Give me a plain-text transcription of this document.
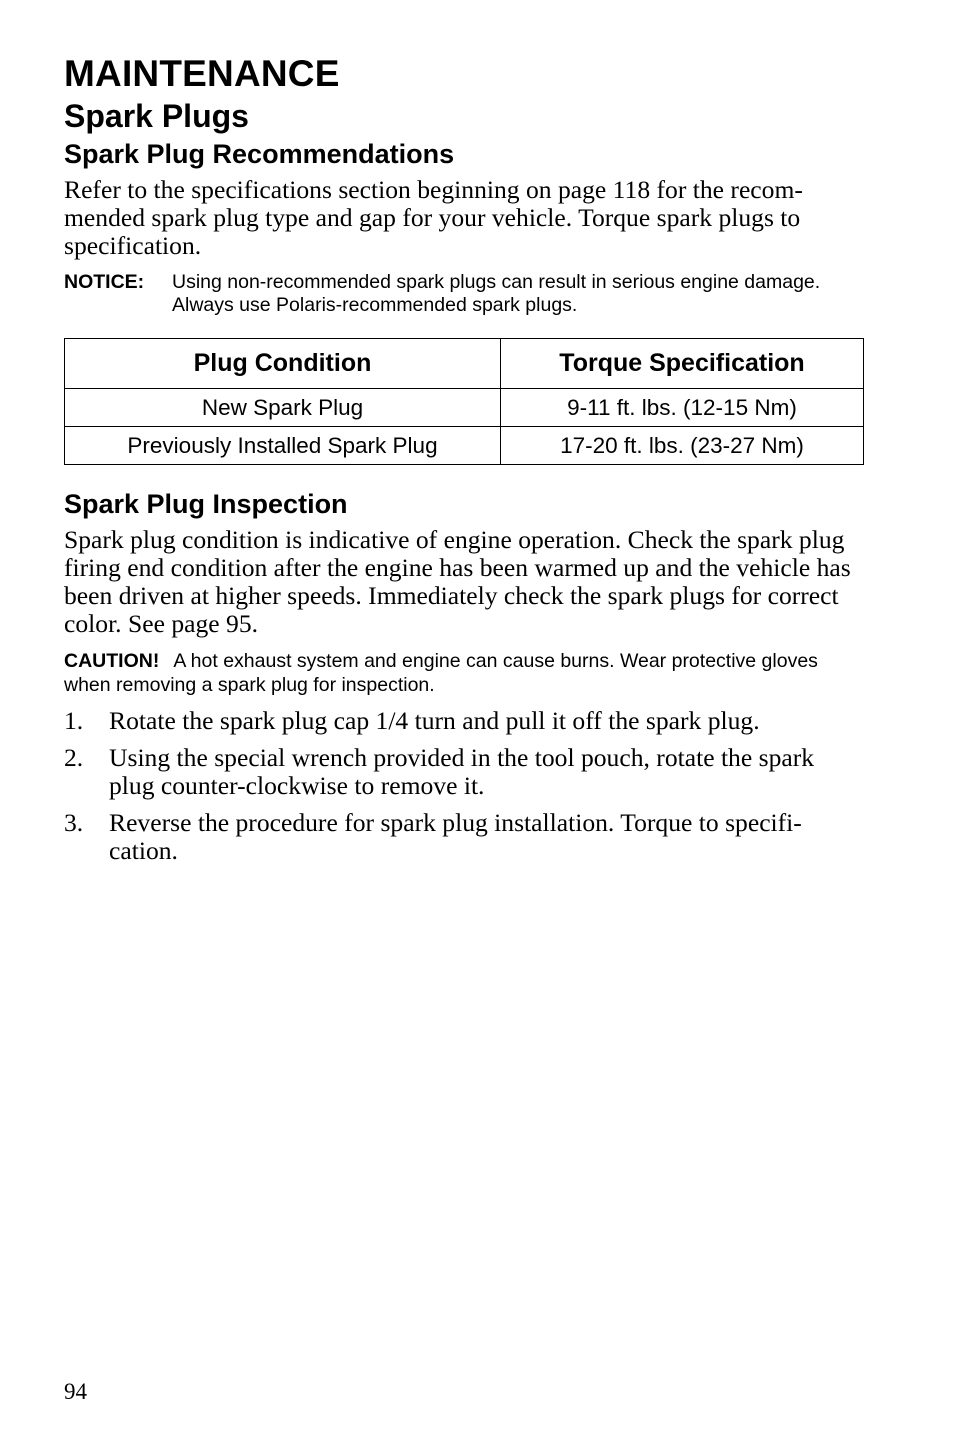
MAINTENANCE
Spark Plugs
Spark Plug Recommendations

Refer to the specifications section beginning on page 118 for the recom-mended spark plug type and gap for your vehicle. Torque spark plugs to specification.

NOTICE:	Using non-recommended spark plugs can result in serious engine damage. Always use Polaris-recommended spark plugs.
Plug Condition	Torque Specification
New Spark Plug	9-11 ft. lbs. (12-15 Nm)
Previously Installed Spark Plug	17-20 ft. lbs. (23-27 Nm)
Spark Plug Inspection

Spark plug condition is indicative of engine operation. Check the spark plug firing end condition after the engine has been warmed up and the vehicle has been driven at higher speeds. Immediately check the spark plugs for correct color. See page 95.

CAUTION! A hot exhaust system and engine can cause burns. Wear protective gloves when removing a spark plug for inspection.

1.	Rotate the spark plug cap 1/4 turn and pull it off the spark plug.
2.	Using the special wrench provided in the tool pouch, rotate the spark plug counter-clockwise to remove it.
3.	Reverse the procedure for spark plug installation. Torque to specifi-cation.
94
